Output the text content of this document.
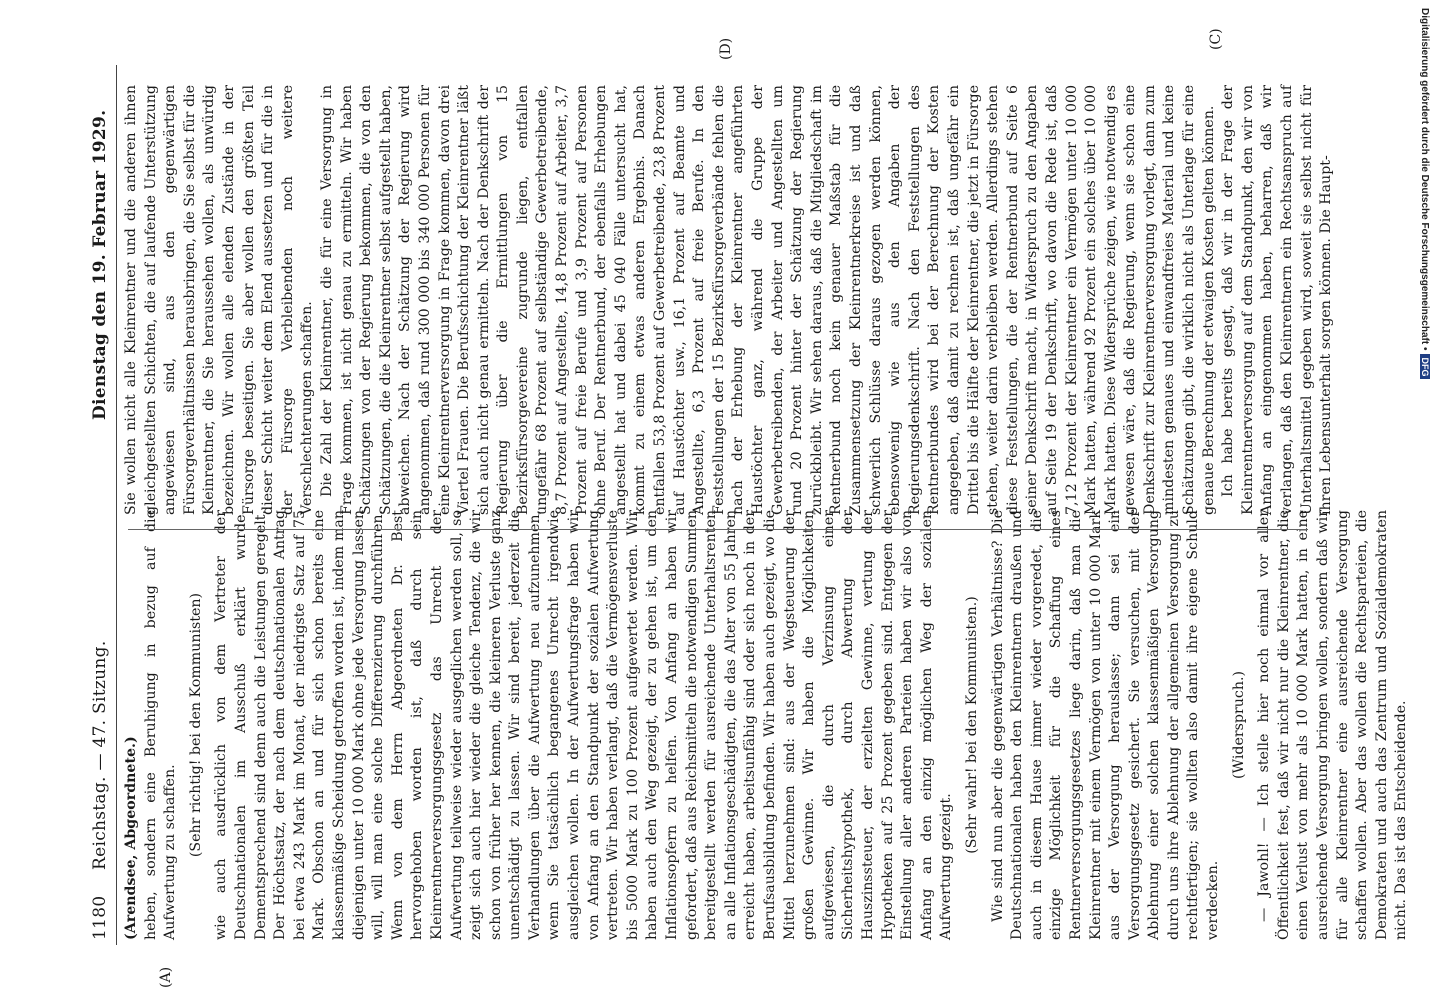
1180
Reichstag. — 47. Sitzung.
Dienstag den 19. Februar 1929.
(A)
(D)	(C)

(Arendsee, Abgeordnete.) heben, sondern eine Beruhigung in bezug auf die Aufwertung zu schaffen. (Sehr richtig! bei den Kommunisten) wie auch ausdrücklich von dem Vertreter der Deutschnationalen im Ausschuß erklärt wurde. Dementsprechend sind denn auch die Leistungen geregelt. Der Höchstsatz, der nach dem deutschnationalen Antrag bei etwa 243 Mark im Monat, der niedrigste Satz auf 75 Mark. Obschon an und für sich schon bereits eine klassenmäßige Scheidung getroffen worden ist, indem man diejenigen unter 10 000 Mark ohne jede Versorgung lassen will, will man eine solche Differenzierung durchführen. Wenn von dem Herrn Abgeordneten Dr. Best hervorgehoben worden ist, daß durch sein Kleinrentnerversorgungsgesetz das Unrecht der Aufwertung teilweise wieder ausgeglichen werden soll, so zeigt sich auch hier wieder die gleiche Tendenz, die wir schon von früher her kennen, die kleineren Verluste ganz unentschädigt zu lassen. Wir sind bereit, jederzeit die Verhandlungen über die Aufwertung neu aufzunehmen, wenn Sie tatsächlich begangenes Unrecht irgendwie ausgleichen wollen. In der Aufwertungsfrage haben wir von Anfang an den Standpunkt der sozialen Aufwertung vertreten. Wir haben verlangt, daß die Vermögensverluste bis 5000 Mark zu 100 Prozent aufgewertet werden. Wir haben auch den Weg gezeigt, der zu gehen ist, um den Inflationsopfern zu helfen. Von Anfang an haben wir gefordert, daß aus Reichsmitteln die notwendigen Summen bereitgestellt werden für ausreichende Unterhaltsrenten an alle Inflationsgeschädigten, die das Alter von 55 Jahren erreicht haben, arbeitsunfähig sind oder sich noch in der Berufsausbildung befinden. Wir haben auch gezeigt, wo die Mittel herzunehmen sind: aus der Wegsteuerung der großen Gewinne. Wir haben die Möglichkeiten aufgewiesen, die durch Verzinsung einer Sicherheitshypothek, durch Abwertung der Hauszinssteuer, der erzielten Gewinne, vertung der Hypotheken auf 25 Prozent gegeben sind. Entgegen der Einstellung aller anderen Parteien haben wir also von Anfang an den einzig möglichen Weg der sozialen Aufwertung gezeigt.

(Sehr wahr! bei den Kommunisten.) Wie sind nun aber die gegenwärtigen Verhältnisse? Die Deutschnationalen haben den Kleinrentnern draußen und auch in diesem Hause immer wieder vorgeredet, die einzige Möglichkeit für die Schaffung eines Rentnerversorgungsgesetzes liege darin, daß man die Kleinrentner mit einem Vermögen von unter 10 000 Mark aus der Versorgung herauslasse; dann sei ein Versorgungsgesetz gesichert. Sie versuchen, mit der Ablehnung einer solchen klassenmäßigen Versorgung durch uns ihre Ablehnung der allgemeinen Versorgung zu rechtfertigen; sie wollten also damit ihre eigene Schuld verdecken.

(Widerspruch.) — Jawohl! — Ich stelle hier noch einmal vor aller Öffentlichkeit fest, daß wir nicht nur die Kleinrentner, die einen Verlust von mehr als 10 000 Mark hatten, in eine ausreichende Versorgung bringen wollen, sondern daß wir für alle Kleinrentner eine ausreichende Versorgung schaffen wollen. Aber das wollen die Rechtsparteien, die Demokraten und auch das Zentrum und Sozialdemokraten nicht. Das ist das Entscheidende.

Sie wollen nicht alle Kleinrentner und die anderen ihnen gleichgestellten Schichten, die auf laufende Unterstützung angewiesen sind, aus den gegenwärtigen Fürsorgeverhältnissen herausbringen, die Sie selbst für die Kleinrentner, die Sie heraussehen wollen, als unwürdig bezeichnen. Wir wollen alle elenden Zustände in der Fürsorge beseitigen. Sie aber wollen den größten Teil dieser Schicht weiter dem Elend aussetzen und für die in der Fürsorge Verbleibenden noch weitere Verschlechterungen schaffen. Die Zahl der Kleinrentner, die für eine Versorgung in Frage kommen, ist nicht genau zu ermitteln. Wir haben Schätzungen von der Regierung bekommen, die von den Schätzungen, die die Kleinrentner selbst aufgestellt haben, abweichen. Nach der Schätzung der Regierung wird angenommen, daß rund 300 000 bis 340 000 Personen für eine Kleinrentnerversorgung in Frage kommen, davon drei Viertel Frauen. Die Berufsschichtung der Kleinrentner läßt sich auch nicht genau ermitteln. Nach der Denkschrift der Regierung über die Ermittlungen von 15 Bezirksfürsorgevereine zugrunde liegen, entfallen ungefähr 68 Prozent auf selbständige Gewerbetreibende, 8,7 Prozent auf Angestellte, 14,8 Prozent auf Arbeiter, 3,7 Prozent auf freie Berufe und 3,9 Prozent auf Personen ohne Beruf. Der Rentnerbund, der ebenfalls Erhebungen angestellt hat und dabei 45 040 Fälle untersucht hat, kommt zu einem etwas anderen Ergebnis. Danach entfallen 53,8 Prozent auf Gewerbetreibende, 23,8 Prozent auf Haustöchter usw., 16,1 Prozent auf Beamte und Angestellte, 6,3 Prozent auf freie Berufe. In den Feststellungen der 15 Bezirksfürsorgeverbände fehlen die nach der Erhebung der Kleinrentner angeführten Haustöchter ganz, während die Gruppe der Gewerbetreibenden, der Arbeiter und Angestellten um rund 20 Prozent hinter der Schätzung der Regierung zurückbleibt. Wir sehen daraus, daß die Mitgliedschaft im Rentnerbund noch kein genauer Maßstab für die Zusammensetzung der Kleinrentnerkreise ist und daß schwerlich Schlüsse daraus gezogen werden können, ebensowenig wie aus den Angaben der Regierungsdenkschrift. Nach den Feststellungen des Rentnerbundes wird bei der Berechnung der Kosten angegeben, daß damit zu rechnen ist, daß ungefähr ein Drittel bis die Hälfte der Kleinrentner, die jetzt in Fürsorge stehen, weiter darin verbleiben werden. Allerdings stehen diese Feststellungen, die der Rentnerbund auf Seite 6 seiner Denkschrift macht, in Widerspruch zu den Angaben auf Seite 19 der Denkschrift, wo davon die Rede ist, daß 7,12 Prozent der Kleinrentner ein Vermögen unter 10 000 Mark hatten, während 92 Prozent ein solches über 10 000 Mark hatten. Diese Widersprüche zeigen, wie notwendig es gewesen wäre, daß die Regierung, wenn sie schon eine Denkschrift zur Kleinrentnerversorgung vorlegt, dann zum mindesten genaues und einwandfreies Material und keine Schätzungen gibt, die wirklich nicht als Unterlage für eine genaue Berechnung der etwaigen Kosten gelten können. Ich habe bereits gesagt, daß wir in der Frage der Kleinrentnerversorgung auf dem Standpunkt, den wir von Anfang an eingenommen haben, beharren, daß wir verlangen, daß den Kleinrentnern ein Rechtsanspruch auf Unterhaltsmittel gegeben wird, soweit sie selbst nicht für ihren Lebensunterhalt sorgen können. Die Haupt-	Digitalisierung gefördert durch die Deutsche Forschungsgemeinschaft •DFG
